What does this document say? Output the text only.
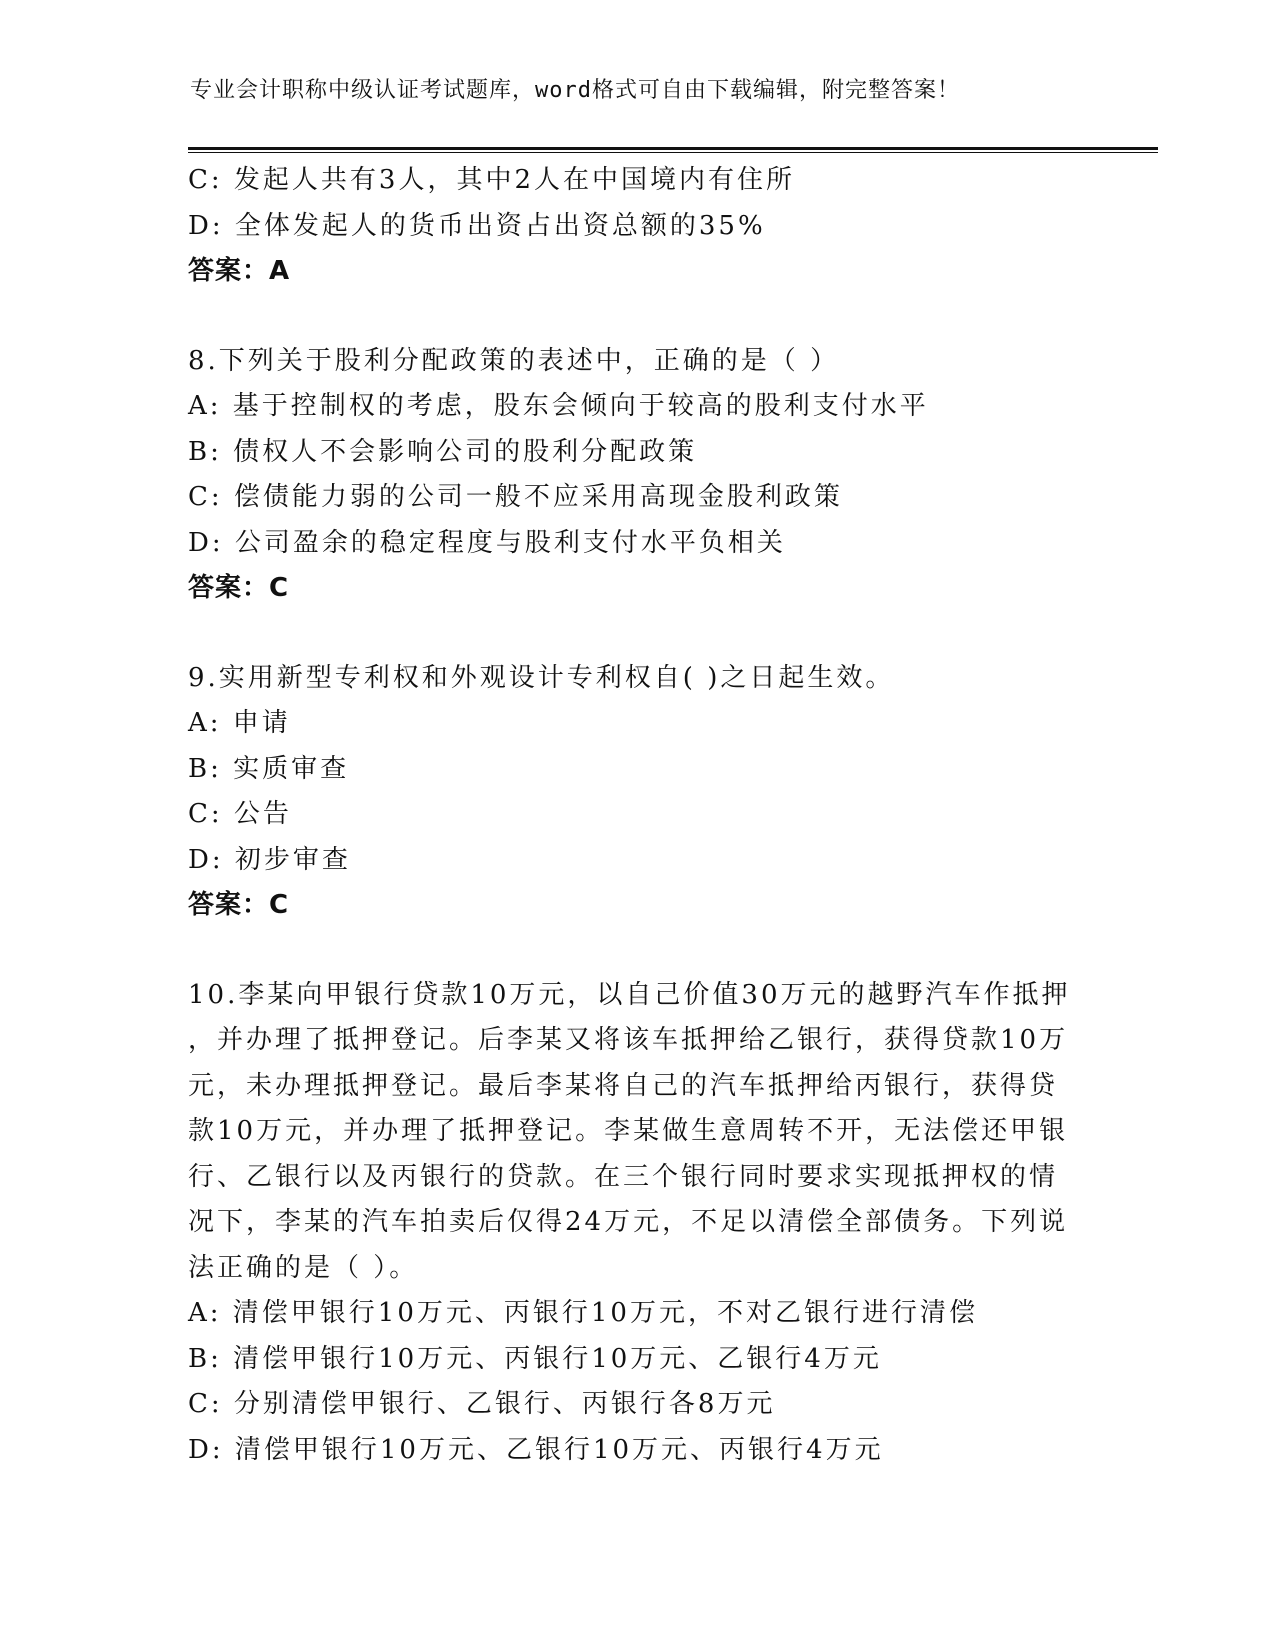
专业会计职称中级认证考试题库，word格式可自由下载编辑，附完整答案！
C: 发起人共有3人，其中2人在中国境内有住所
D: 全体发起人的货币出资占出资总额的35%
答案：A
8.下列关于股利分配政策的表述中，正确的是（ ）
A: 基于控制权的考虑，股东会倾向于较高的股利支付水平
B: 债权人不会影响公司的股利分配政策
C: 偿债能力弱的公司一般不应采用高现金股利政策
D: 公司盈余的稳定程度与股利支付水平负相关
答案：C
9.实用新型专利权和外观设计专利权自( )之日起生效。
A: 申请
B: 实质审查
C: 公告
D: 初步审查
答案：C
10.李某向甲银行贷款10万元，以自己价值30万元的越野汽车作抵押
，并办理了抵押登记。后李某又将该车抵押给乙银行，获得贷款10万
元，未办理抵押登记。最后李某将自己的汽车抵押给丙银行，获得贷
款10万元，并办理了抵押登记。李某做生意周转不开，无法偿还甲银
行、乙银行以及丙银行的贷款。在三个银行同时要求实现抵押权的情
况下，李某的汽车拍卖后仅得24万元，不足以清偿全部债务。下列说
法正确的是（ ）。
A: 清偿甲银行10万元、丙银行10万元，不对乙银行进行清偿
B: 清偿甲银行10万元、丙银行10万元、乙银行4万元
C: 分别清偿甲银行、乙银行、丙银行各8万元
D: 清偿甲银行10万元、乙银行10万元、丙银行4万元
